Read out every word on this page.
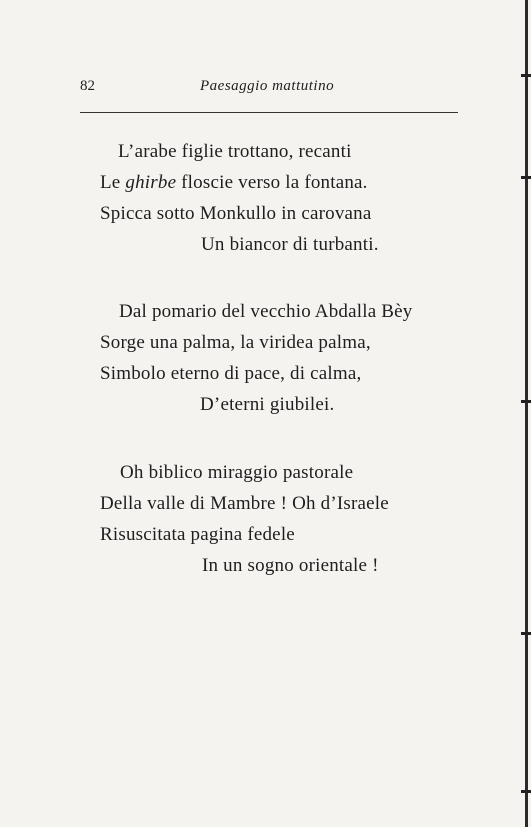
82	Paesaggio mattutino
L’arabe figlie trottano, recanti
Le ghirbe floscie verso la fontana.
Spicca sotto Monkullo in carovana
Un biancor di turbanti.
Dal pomario del vecchio Abdalla Bèy
Sorge una palma, la viridea palma,
Simbolo eterno di pace, di calma,
D’eterni giubilei.
Oh biblico miraggio pastorale
Della valle di Mambre ! Oh d’Israele
Risuscitata pagina fedele
In un sogno orientale !
